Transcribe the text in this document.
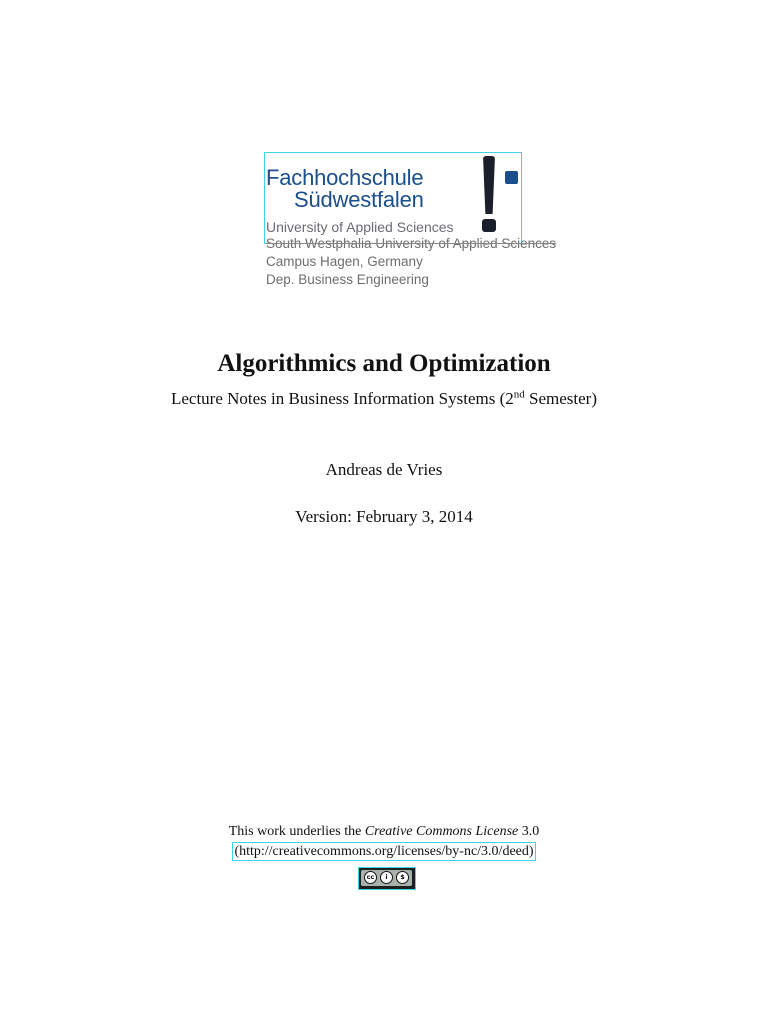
Fachhochschule
Südwestfalen
University of Applied Sciences
South Westphalia University of Applied Sciences
Campus Hagen, Germany
Dep. Business Engineering
Algorithmics and Optimization
Lecture Notes in Business Information Systems (2nd Semester)
Andreas de Vries
Version: February 3, 2014
This work underlies the Creative Commons License 3.0
(http://creativecommons.org/licenses/by-nc/3.0/deed)
cc	i	$
